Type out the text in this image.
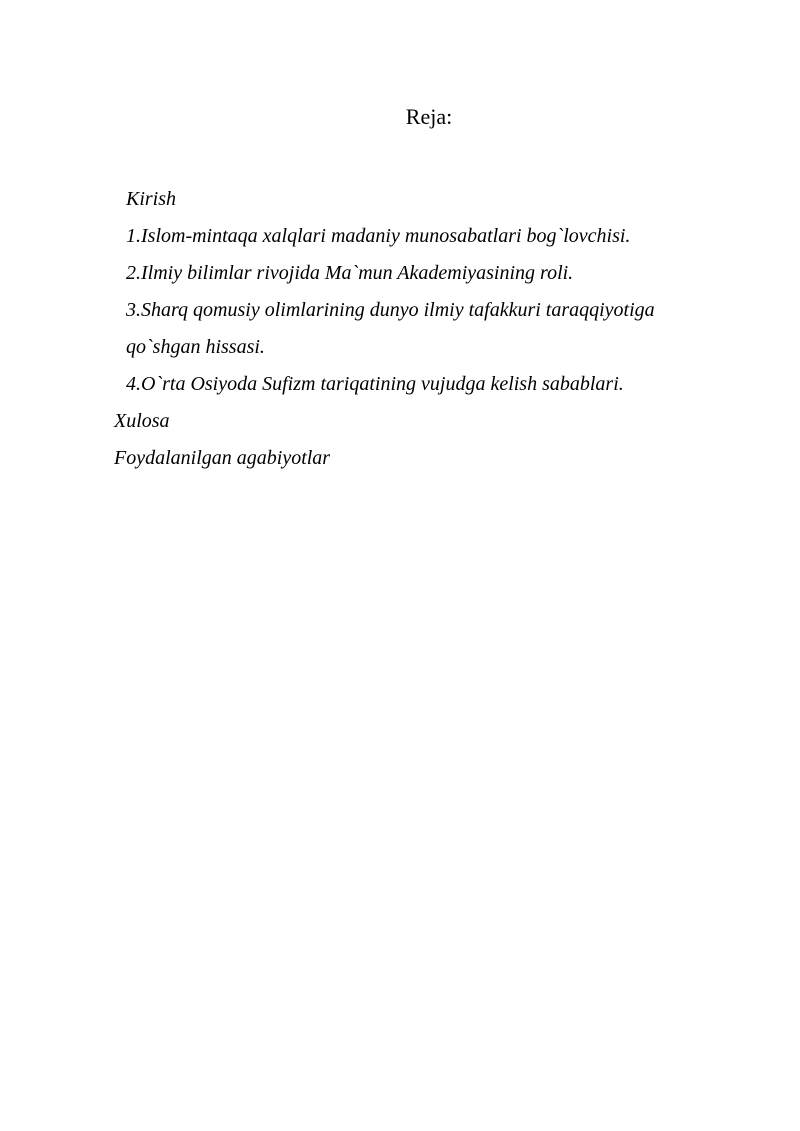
Reja:
Kirish
1.Islom-mintaqa xalqlari madaniy munosabatlari bog`lovchisi.
2.Ilmiy bilimlar rivojida Ma`mun Akademiyasining roli.
3.Sharq qomusiy olimlarining dunyo ilmiy tafakkuri taraqqiyotiga
qo`shgan hissasi.
4.O`rta Osiyoda Sufizm tariqatining vujudga kelish sabablari.
Xulosa
Foydalanilgan agabiyotlar
